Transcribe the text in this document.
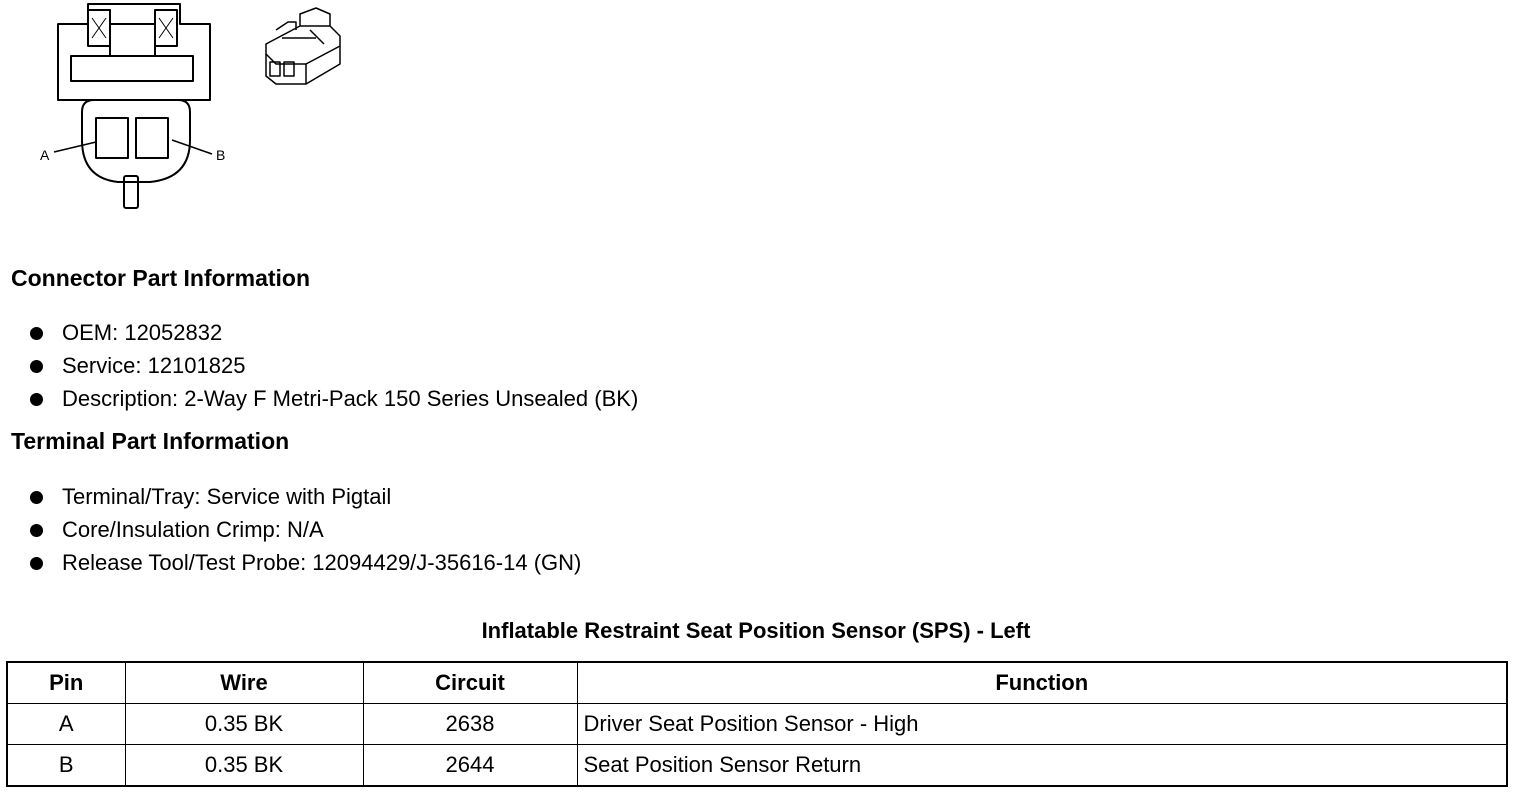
A	B
Connector Part Information
OEM: 12052832
Service: 12101825
Description: 2-Way F Metri-Pack 150 Series Unsealed (BK)
Terminal Part Information
Terminal/Tray: Service with Pigtail
Core/Insulation Crimp: N/A
Release Tool/Test Probe: 12094429/J-35616-14 (GN)
Inflatable Restraint Seat Position Sensor (SPS) - Left
Pin	Wire	Circuit	Function
A	0.35 BK	2638	Driver Seat Position Sensor - High
B	0.35 BK	2644	Seat Position Sensor Return
